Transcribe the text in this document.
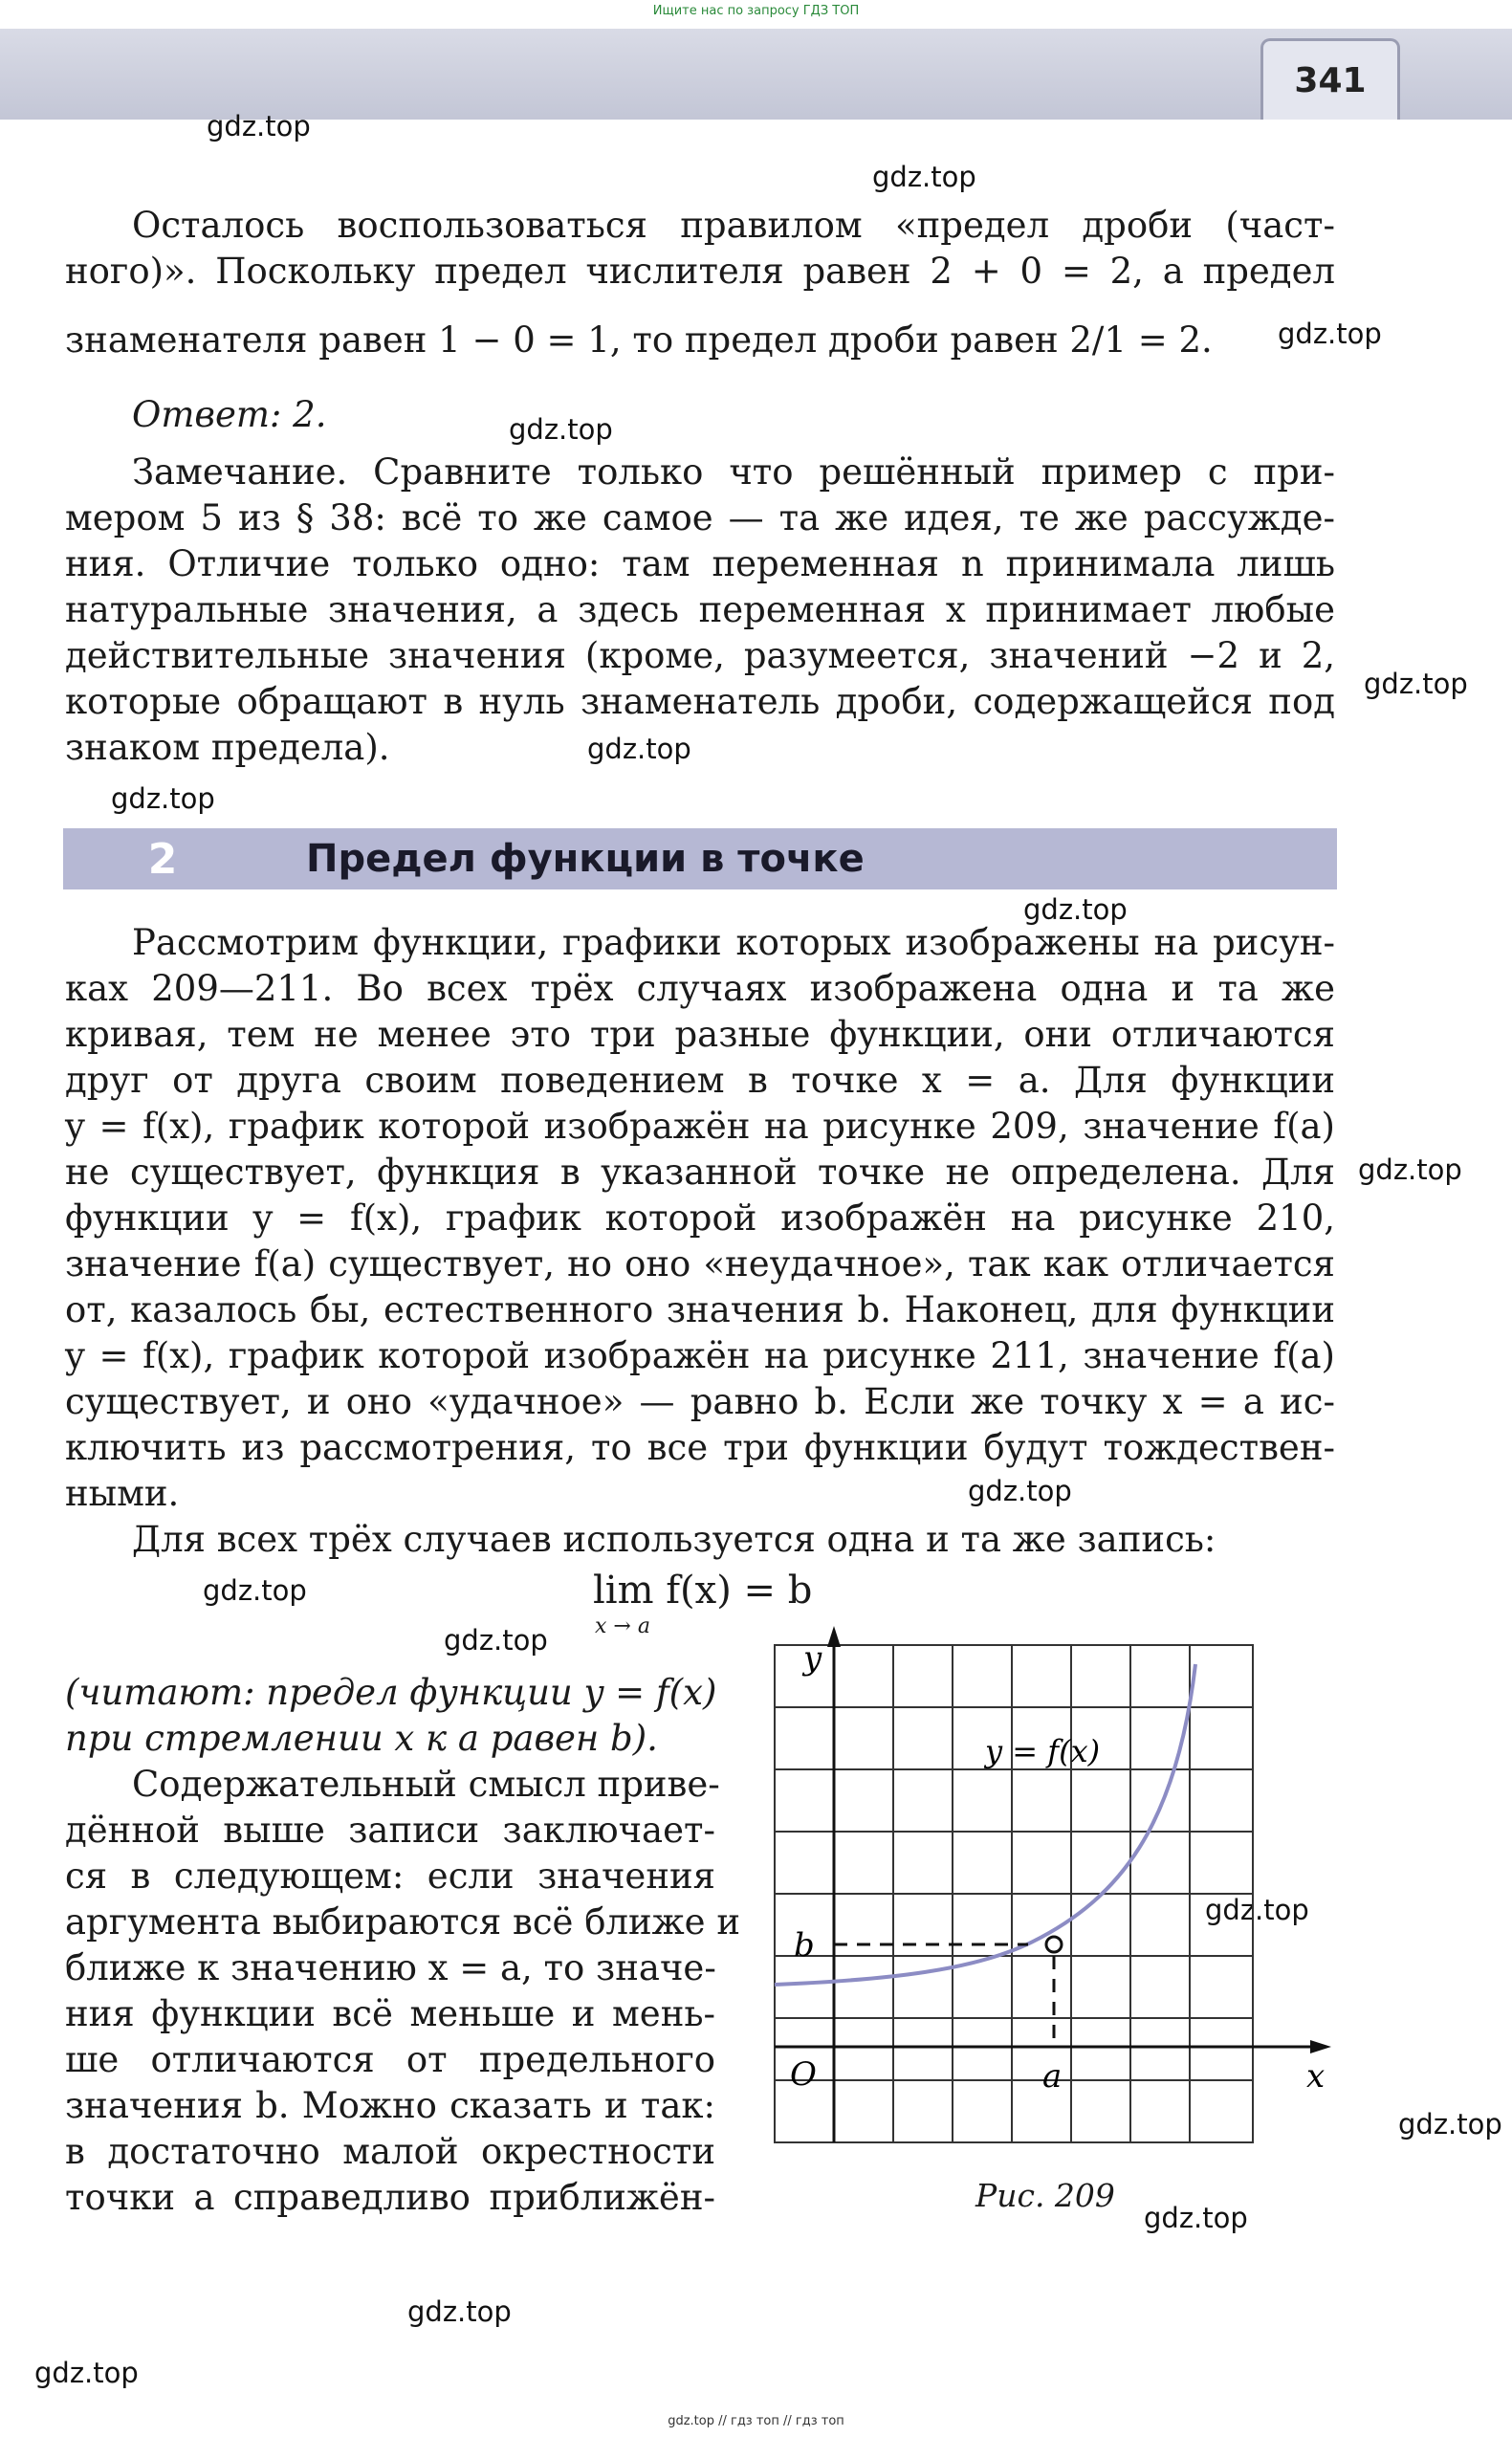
Ищите нас по запросу ГДЗ ТОП
341
gdz.top
gdz.top
gdz.top
gdz.top
gdz.top
gdz.top
gdz.top
gdz.top
gdz.top
gdz.top
gdz.top
gdz.top
gdz.top
gdz.top
gdz.top
gdz.top
gdz.top
Осталось воспользоваться правилом «предел дроби (част-
ного)». Поскольку предел числителя равен 2 + 0 = 2, а предел
знаменателя равен 1 − 0 = 1, то предел дроби равен 2/1 = 2.
Ответ: 2.
Замечание. Сравните только что решённый пример с при-
мером 5 из § 38: всё то же самое — та же идея, те же рассужде-
ния. Отличие только одно: там переменная n принимала лишь
натуральные значения, а здесь переменная x принимает любые
действительные значения (кроме, разумеется, значений −2 и 2,
которые обращают в нуль знаменатель дроби, содержащейся под
знаком предела).
2	Предел функции в точке
Рассмотрим функции, графики которых изображены на рисун-
ках 209—211. Во всех трёх случаях изображена одна и та же
кривая, тем не менее это три разные функции, они отличаются
друг от друга своим поведением в точке x = a. Для функции
y = f(x), график которой изображён на рисунке 209, значение f(a)
не существует, функция в указанной точке не определена. Для
функции y = f(x), график которой изображён на рисунке 210,
значение f(a) существует, но оно «неудачное», так как отличается
от, казалось бы, естественного значения b. Наконец, для функции
y = f(x), график которой изображён на рисунке 211, значение f(a)
существует, и оно «удачное» — равно b. Если же точку x = a ис-
ключить из рассмотрения, то все три функции будут тождествен-
ными.
Для всех трёх случаев используется одна и та же запись:
lim f(x) = b
x → a
(читают: предел функции y = f(x)
при стремлении x к a равен b).
Содержательный смысл приве-
дённой выше записи заключает-
ся в следующем: если значения
аргумента выбираются всё ближе и
ближе к значению x = a, то значе-
ния функции всё меньше и мень-
ше отличаются от предельного
значения b. Можно сказать и так:
в достаточно малой окрестности
точки a справедливо приближён-
y
x
O	a
b
y = f(x)
Рис. 209
gdz.top // гдз топ // гдз топ
